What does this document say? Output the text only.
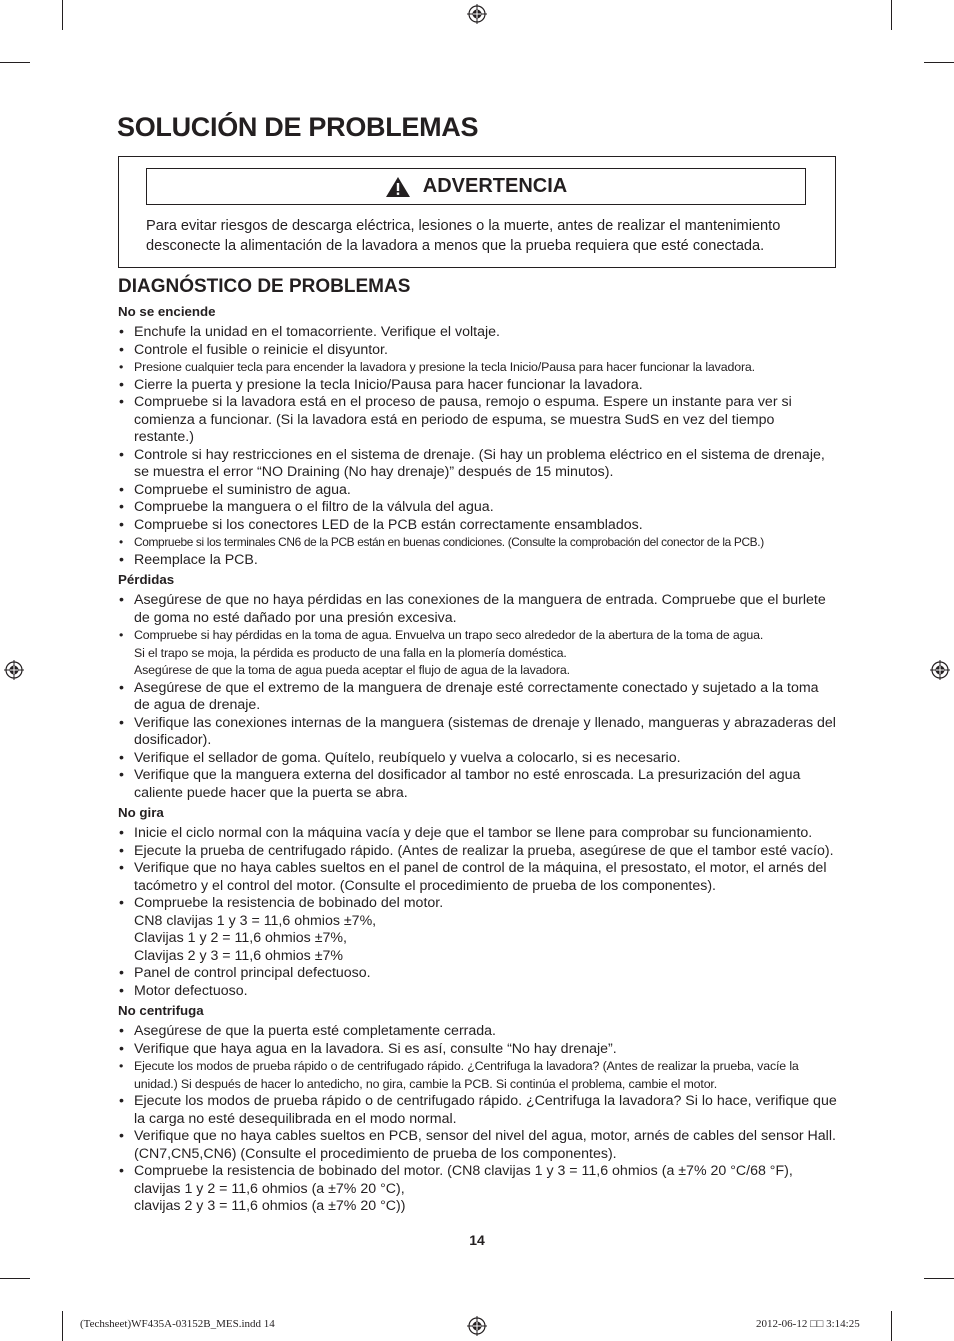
SOLUCIÓN DE PROBLEMAS
ADVERTENCIA

Para evitar riesgos de descarga eléctrica, lesiones o la muerte, antes de realizar el mantenimiento desconecte la alimentación de la lavadora a menos que la prueba requiera que esté conectada.

DIAGNÓSTICO DE PROBLEMAS
No se enciende
• Enchufe la unidad en el tomacorriente. Verifique el voltaje.
• Controle el fusible o reinicie el disyuntor.
• Presione cualquier tecla para encender la lavadora y presione la tecla Inicio/Pausa para hacer funcionar la lavadora.
• Cierre la puerta y presione la tecla Inicio/Pausa para hacer funcionar la lavadora.
• Compruebe si la lavadora está en el proceso de pausa, remojo o espuma. Espere un instante para ver si comienza a funcionar. (Si la lavadora está en periodo de espuma, se muestra SudS en vez del tiempo restante.)
• Controle si hay restricciones en el sistema de drenaje. (Si hay un problema eléctrico en el sistema de drenaje, se muestra el error “NO Draining (No hay drenaje)” después de 15 minutos).
• Compruebe el suministro de agua.
• Compruebe la manguera o el filtro de la válvula del agua.
• Compruebe si los conectores LED de la PCB están correctamente ensamblados.
• Compruebe si los terminales CN6 de la PCB están en buenas condiciones. (Consulte la comprobación del conector de la PCB.)
• Reemplace la PCB.
Pérdidas
• Asegúrese de que no haya pérdidas en las conexiones de la manguera de entrada. Compruebe que el burlete de goma no esté dañado por una presión excesiva.
• Compruebe si hay pérdidas en la toma de agua. Envuelva un trapo seco alrededor de la abertura de la toma de agua.
Si el trapo se moja, la pérdida es producto de una falla en la plomería doméstica.
Asegúrese de que la toma de agua pueda aceptar el flujo de agua de la lavadora.
• Asegúrese de que el extremo de la manguera de drenaje esté correctamente conectado y sujetado a la toma de agua de drenaje.
• Verifique las conexiones internas de la manguera (sistemas de drenaje y llenado, mangueras y abrazaderas del dosificador).
• Verifique el sellador de goma. Quítelo, reubíquelo y vuelva a colocarlo, si es necesario.
• Verifique que la manguera externa del dosificador al tambor no esté enroscada. La presurización del agua caliente puede hacer que la puerta se abra.
No gira
• Inicie el ciclo normal con la máquina vacía y deje que el tambor se llene para comprobar su funcionamiento.
• Ejecute la prueba de centrifugado rápido. (Antes de realizar la prueba, asegúrese de que el tambor esté vacío).
• Verifique que no haya cables sueltos en el panel de control de la máquina, el presostato, el motor, el arnés del tacómetro y el control del motor. (Consulte el procedimiento de prueba de los componentes).
• Compruebe la resistencia de bobinado del motor.
CN8 clavijas 1 y 3 = 11,6 ohmios ±7%,
Clavijas 1 y 2 = 11,6 ohmios ±7%,
Clavijas 2 y 3 = 11,6 ohmios ±7%
• Panel de control principal defectuoso.
• Motor defectuoso.
No centrifuga
• Asegúrese de que la puerta esté completamente cerrada.
• Verifique que haya agua en la lavadora. Si es así, consulte “No hay drenaje”.
• Ejecute los modos de prueba rápido o de centrifugado rápido. ¿Centrifuga la lavadora? (Antes de realizar la prueba, vacíe la unidad.) Si después de hacer lo antedicho, no gira, cambie la PCB. Si continúa el problema, cambie el motor.
• Ejecute los modos de prueba rápido o de centrifugado rápido. ¿Centrifuga la lavadora? Si lo hace, verifique que la carga no esté desequilibrada en el modo normal.
• Verifique que no haya cables sueltos en PCB, sensor del nivel del agua, motor, arnés de cables del sensor Hall. (CN7,CN5,CN6) (Consulte el procedimiento de prueba de los componentes).
• Compruebe la resistencia de bobinado del motor. (CN8 clavijas 1 y 3 = 11,6 ohmios (a ±7% 20 °C/68 °F),
clavijas 1 y 2 = 11,6 ohmios (a ±7% 20 °C),
clavijas 2 y 3 = 11,6 ohmios (a ±7% 20 °C))
14
(Techsheet)WF435A-03152B_MES.indd 14	2012-06-12 □□ 3:14:25
